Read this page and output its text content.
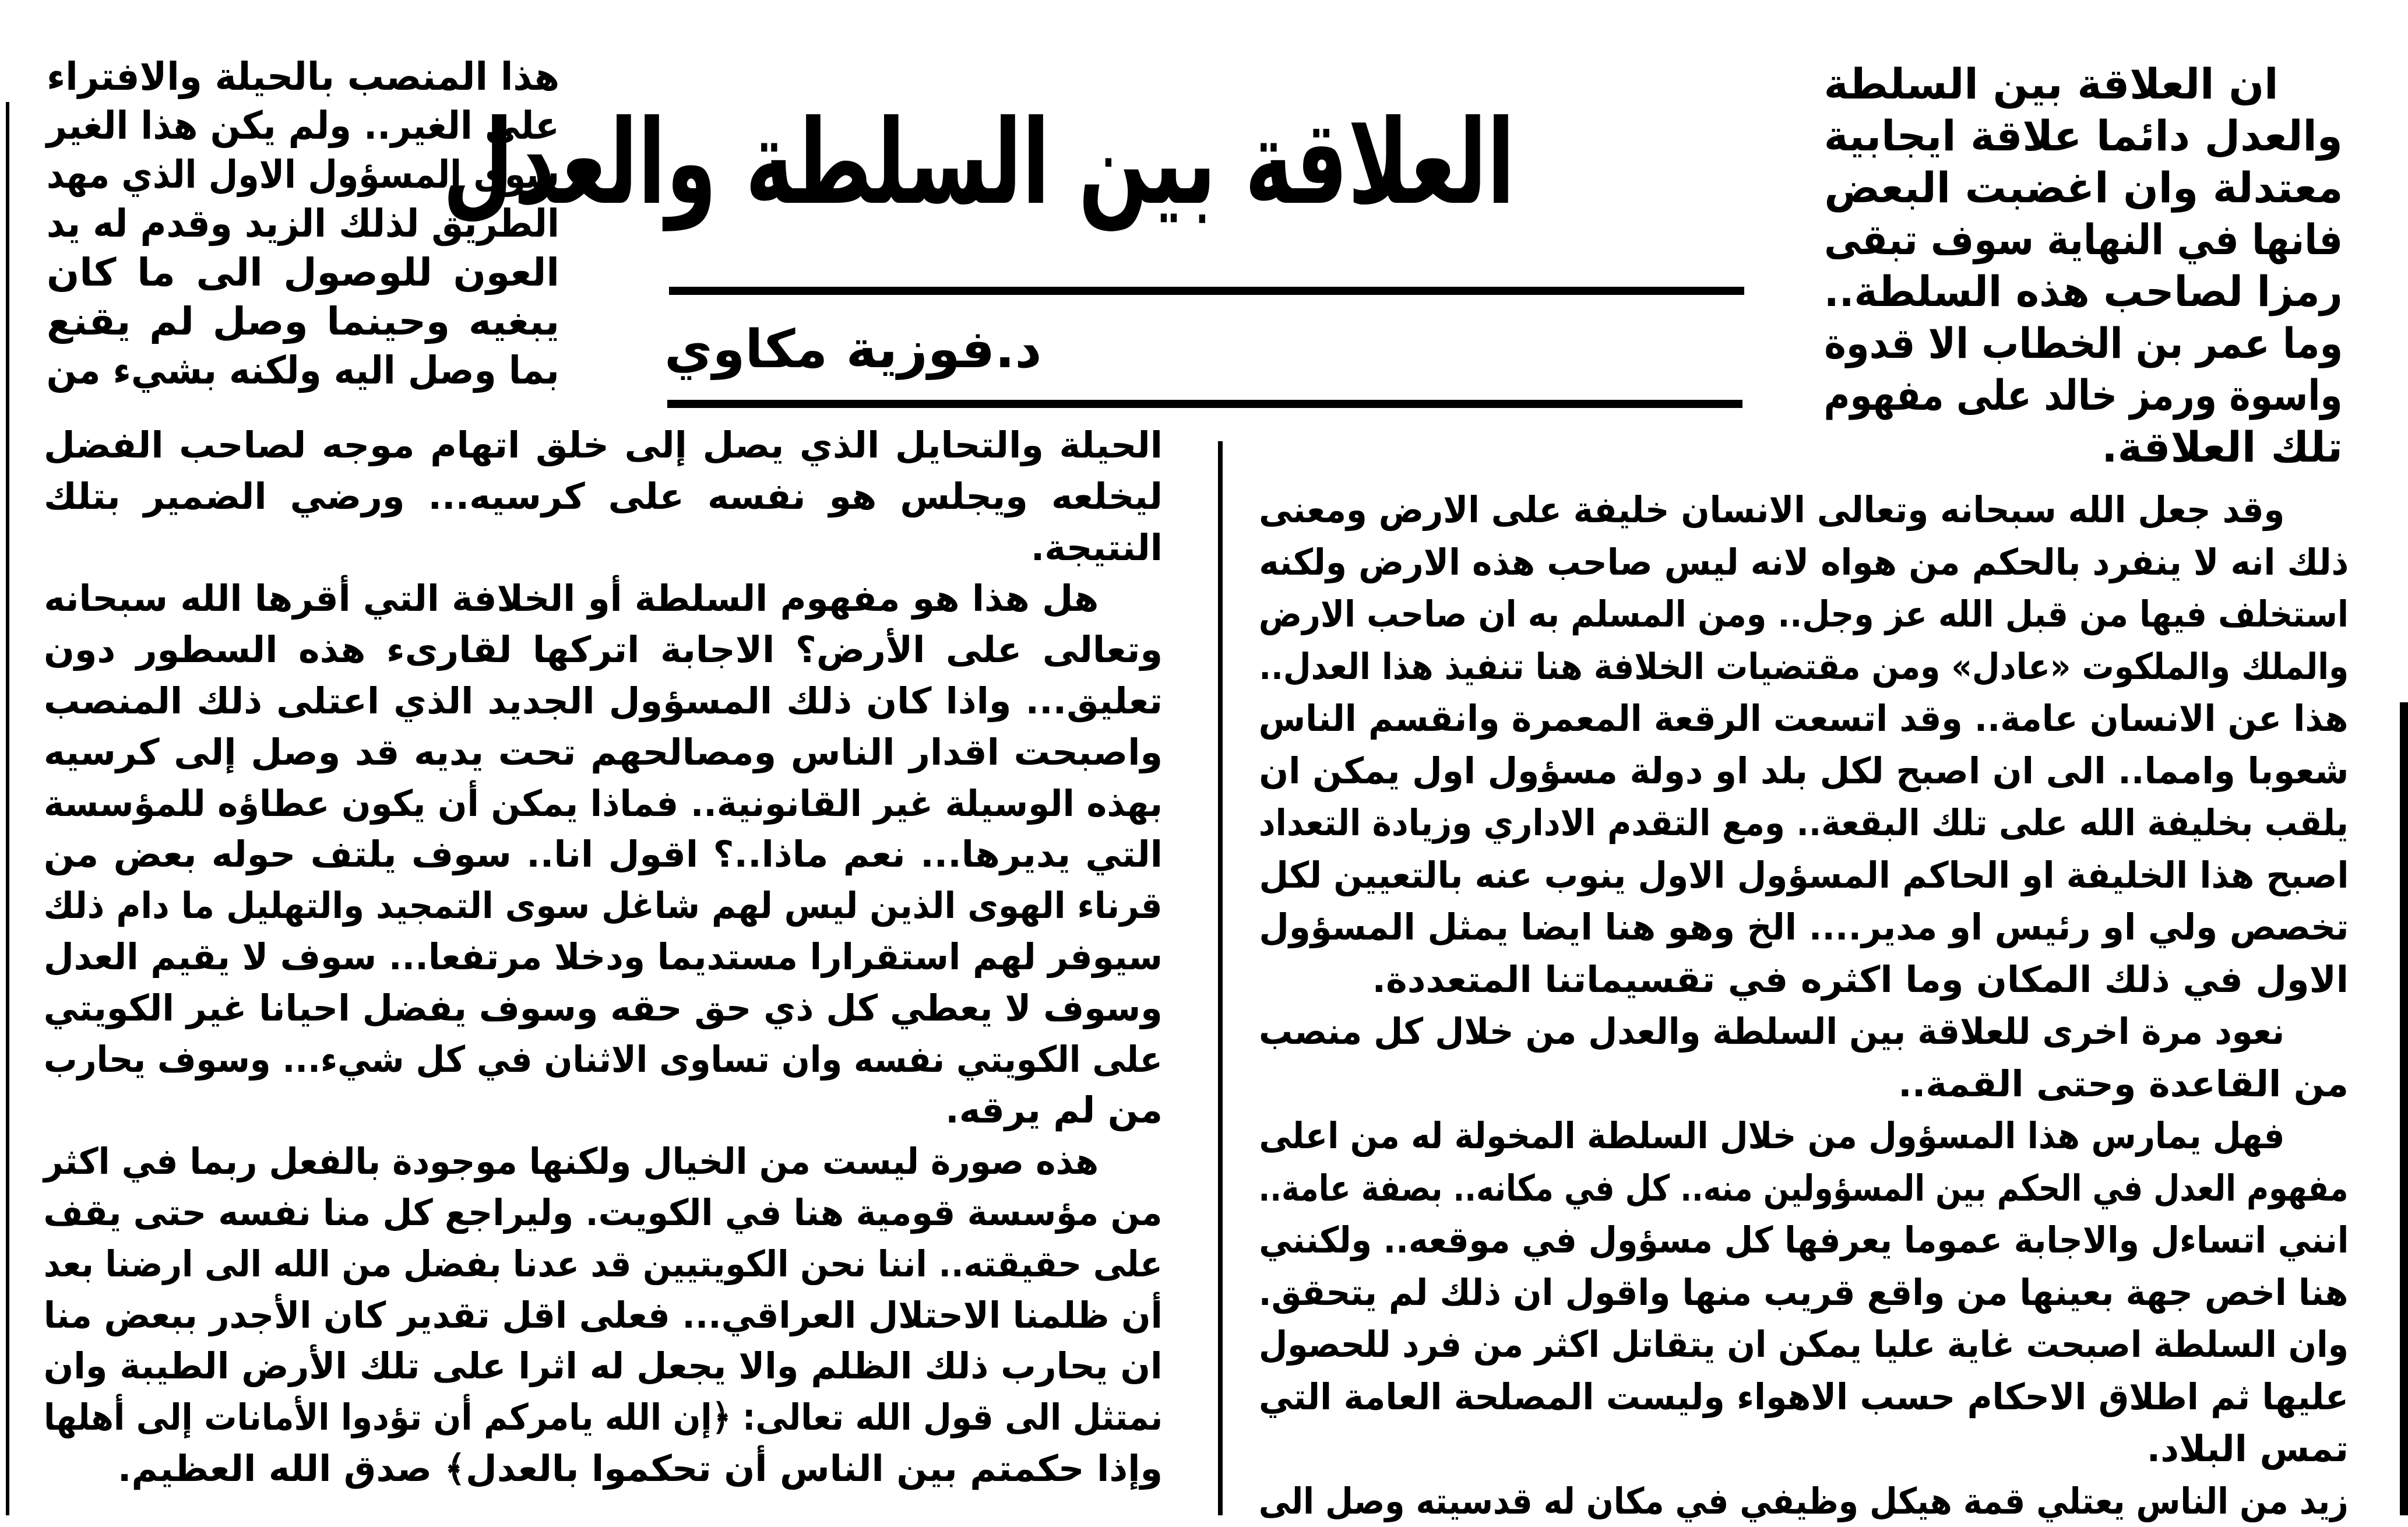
العلاقة بين السلطة والعدل
د.فوزية مكاوي
ان العلاقة بين السلطة
والعدل دائما علاقة ايجابية
معتدلة وان اغضبت البعض
فانها في النهاية سوف تبقى
رمزا لصاحب هذه السلطة..
وما عمر بن الخطاب الا قدوة
واسوة ورمز خالد على مفهوم
تلك العلاقة.
هذا المنصب بالحيلة والافتراء
على الغير.. ولم يكن هذا الغير
سوى المسؤول الاول الذي مهد
الطريق لذلك الزيد وقدم له يد
العون للوصول الى ما كان
يبغيه وحينما وصل لم يقنع
بما وصل اليه ولكنه بشيء من
وقد جعل الله سبحانه وتعالى الانسان خليفة على الارض ومعنى
ذلك انه لا ينفرد بالحكم من هواه لانه ليس صاحب هذه الارض ولكنه
استخلف فيها من قبل الله عز وجل.. ومن المسلم به ان صاحب الارض
والملك والملكوت «عادل» ومن مقتضيات الخلافة هنا تنفيذ هذا العدل..
هذا عن الانسان عامة.. وقد اتسعت الرقعة المعمرة وانقسم الناس
شعوبا وامما.. الى ان اصبح لكل بلد او دولة مسؤول اول يمكن ان
يلقب بخليفة الله على تلك البقعة.. ومع التقدم الاداري وزيادة التعداد
اصبح هذا الخليفة او الحاكم المسؤول الاول ينوب عنه بالتعيين لكل
تخصص ولي او رئيس او مدير.... الخ وهو هنا ايضا يمثل المسؤول
الاول في ذلك المكان وما اكثره في تقسيماتنا المتعددة.
نعود مرة اخرى للعلاقة بين السلطة والعدل من خلال كل منصب
من القاعدة وحتى القمة..
فهل يمارس هذا المسؤول من خلال السلطة المخولة له من اعلى
مفهوم العدل في الحكم بين المسؤولين منه.. كل في مكانه.. بصفة عامة..
انني اتساءل والاجابة عموما يعرفها كل مسؤول في موقعه.. ولكنني
هنا اخص جهة بعينها من واقع قريب منها واقول ان ذلك لم يتحقق.
وان السلطة اصبحت غاية عليا يمكن ان يتقاتل اكثر من فرد للحصول
عليها ثم اطلاق الاحكام حسب الاهواء وليست المصلحة العامة التي
تمس البلاد.
زيد من الناس يعتلي قمة هيكل وظيفي في مكان له قدسيته وصل الى
الحيلة والتحايل الذي يصل إلى خلق اتهام موجه لصاحب الفضل
ليخلعه ويجلس هو نفسه على كرسيه... ورضي الضمير بتلك
النتيجة.
هل هذا هو مفهوم السلطة أو الخلافة التي أقرها الله سبحانه
وتعالى على الأرض؟ الاجابة اتركها لقارىء هذه السطور دون
تعليق... واذا كان ذلك المسؤول الجديد الذي اعتلى ذلك المنصب
واصبحت اقدار الناس ومصالحهم تحت يديه قد وصل إلى كرسيه
بهذه الوسيلة غير القانونية.. فماذا يمكن أن يكون عطاؤه للمؤسسة
التي يديرها... نعم ماذا..؟ اقول انا.. سوف يلتف حوله بعض من
قرناء الهوى الذين ليس لهم شاغل سوى التمجيد والتهليل ما دام ذلك
سيوفر لهم استقرارا مستديما ودخلا مرتفعا... سوف لا يقيم العدل
وسوف لا يعطي كل ذي حق حقه وسوف يفضل احيانا غير الكويتي
على الكويتي نفسه وان تساوى الاثنان في كل شيء... وسوف يحارب
من لم يرقه.
هذه صورة ليست من الخيال ولكنها موجودة بالفعل ربما في اكثر
من مؤسسة قومية هنا في الكويت. وليراجع كل منا نفسه حتى يقف
على حقيقته.. اننا نحن الكويتيين قد عدنا بفضل من الله الى ارضنا بعد
أن ظلمنا الاحتلال العراقي... فعلى اقل تقدير كان الأجدر ببعض منا
ان يحارب ذلك الظلم والا يجعل له اثرا على تلك الأرض الطيبة وان
نمتثل الى قول الله تعالى: ﴿إن الله يامركم أن تؤدوا الأمانات إلى أهلها
وإذا حكمتم بين الناس أن تحكموا بالعدل﴾ صدق الله العظيم.
